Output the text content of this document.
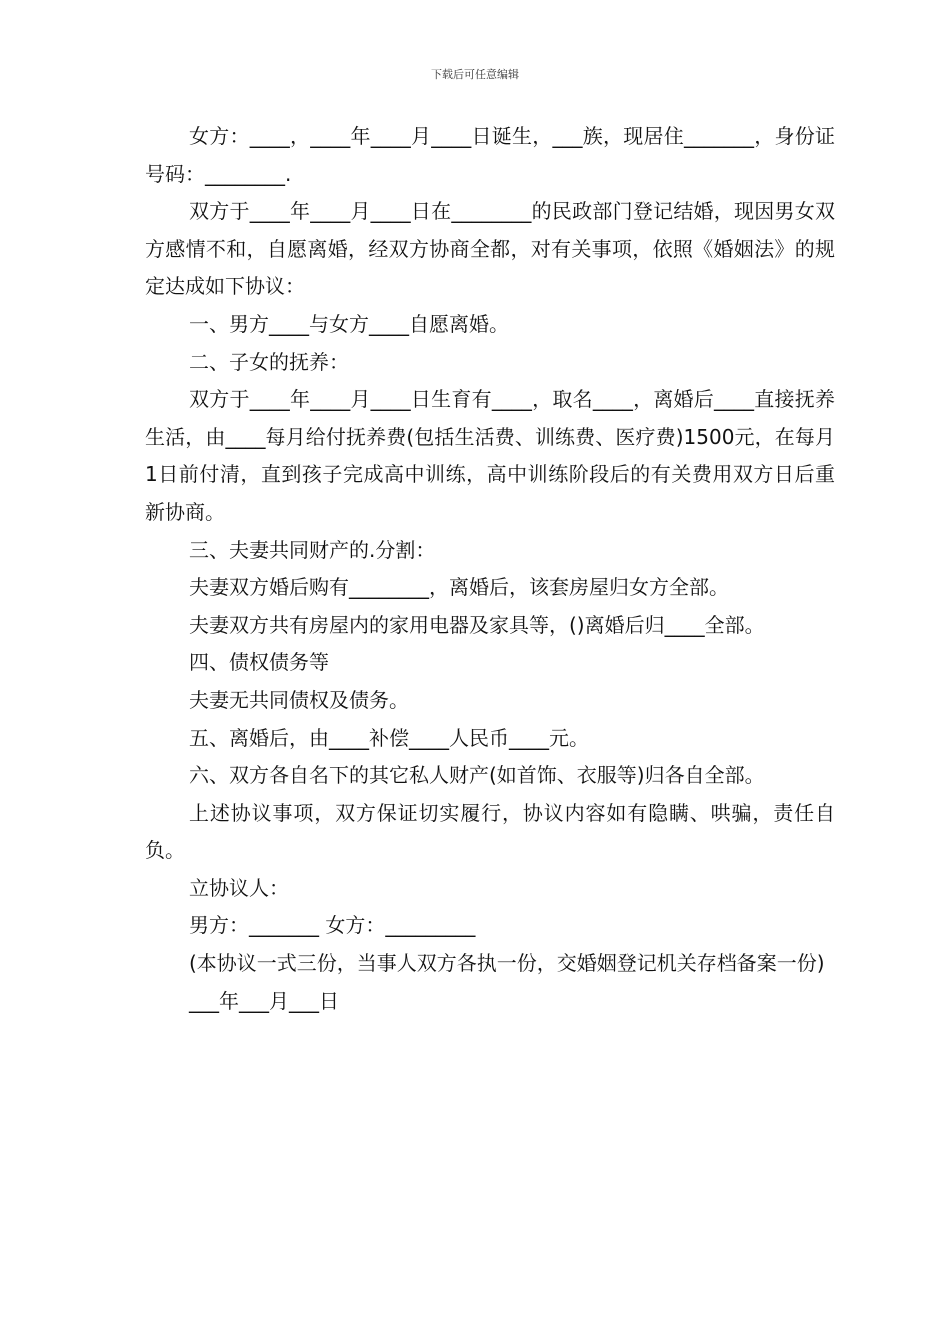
下载后可任意编辑

女方：____，____年____月____日诞生，___族，现居住_______，身份证号码：________.

双方于____年____月____日在________的民政部门登记结婚，现因男女双方感情不和，自愿离婚，经双方协商全都，对有关事项，依照《婚姻法》的规定达成如下协议：

一、男方____与女方____自愿离婚。

二、子女的抚养：

双方于____年____月____日生育有____，取名____，离婚后____直接抚养生活，由____每月给付抚养费(包括生活费、训练费、医疗费)1500元，在每月1日前付清，直到孩子完成高中训练，高中训练阶段后的有关费用双方日后重新协商。

三、夫妻共同财产的.分割：

夫妻双方婚后购有________，离婚后，该套房屋归女方全部。

夫妻双方共有房屋内的家用电器及家具等，()离婚后归____全部。

四、债权债务等

夫妻无共同债权及债务。

五、离婚后，由____补偿____人民币____元。

六、双方各自名下的其它私人财产(如首饰、衣服等)归各自全部。

上述协议事项，双方保证切实履行，协议内容如有隐瞒、哄骗，责任自负。

立协议人：

男方：_______ 女方：_________

(本协议一式三份，当事人双方各执一份，交婚姻登记机关存档备案一份)

___年___月___日
